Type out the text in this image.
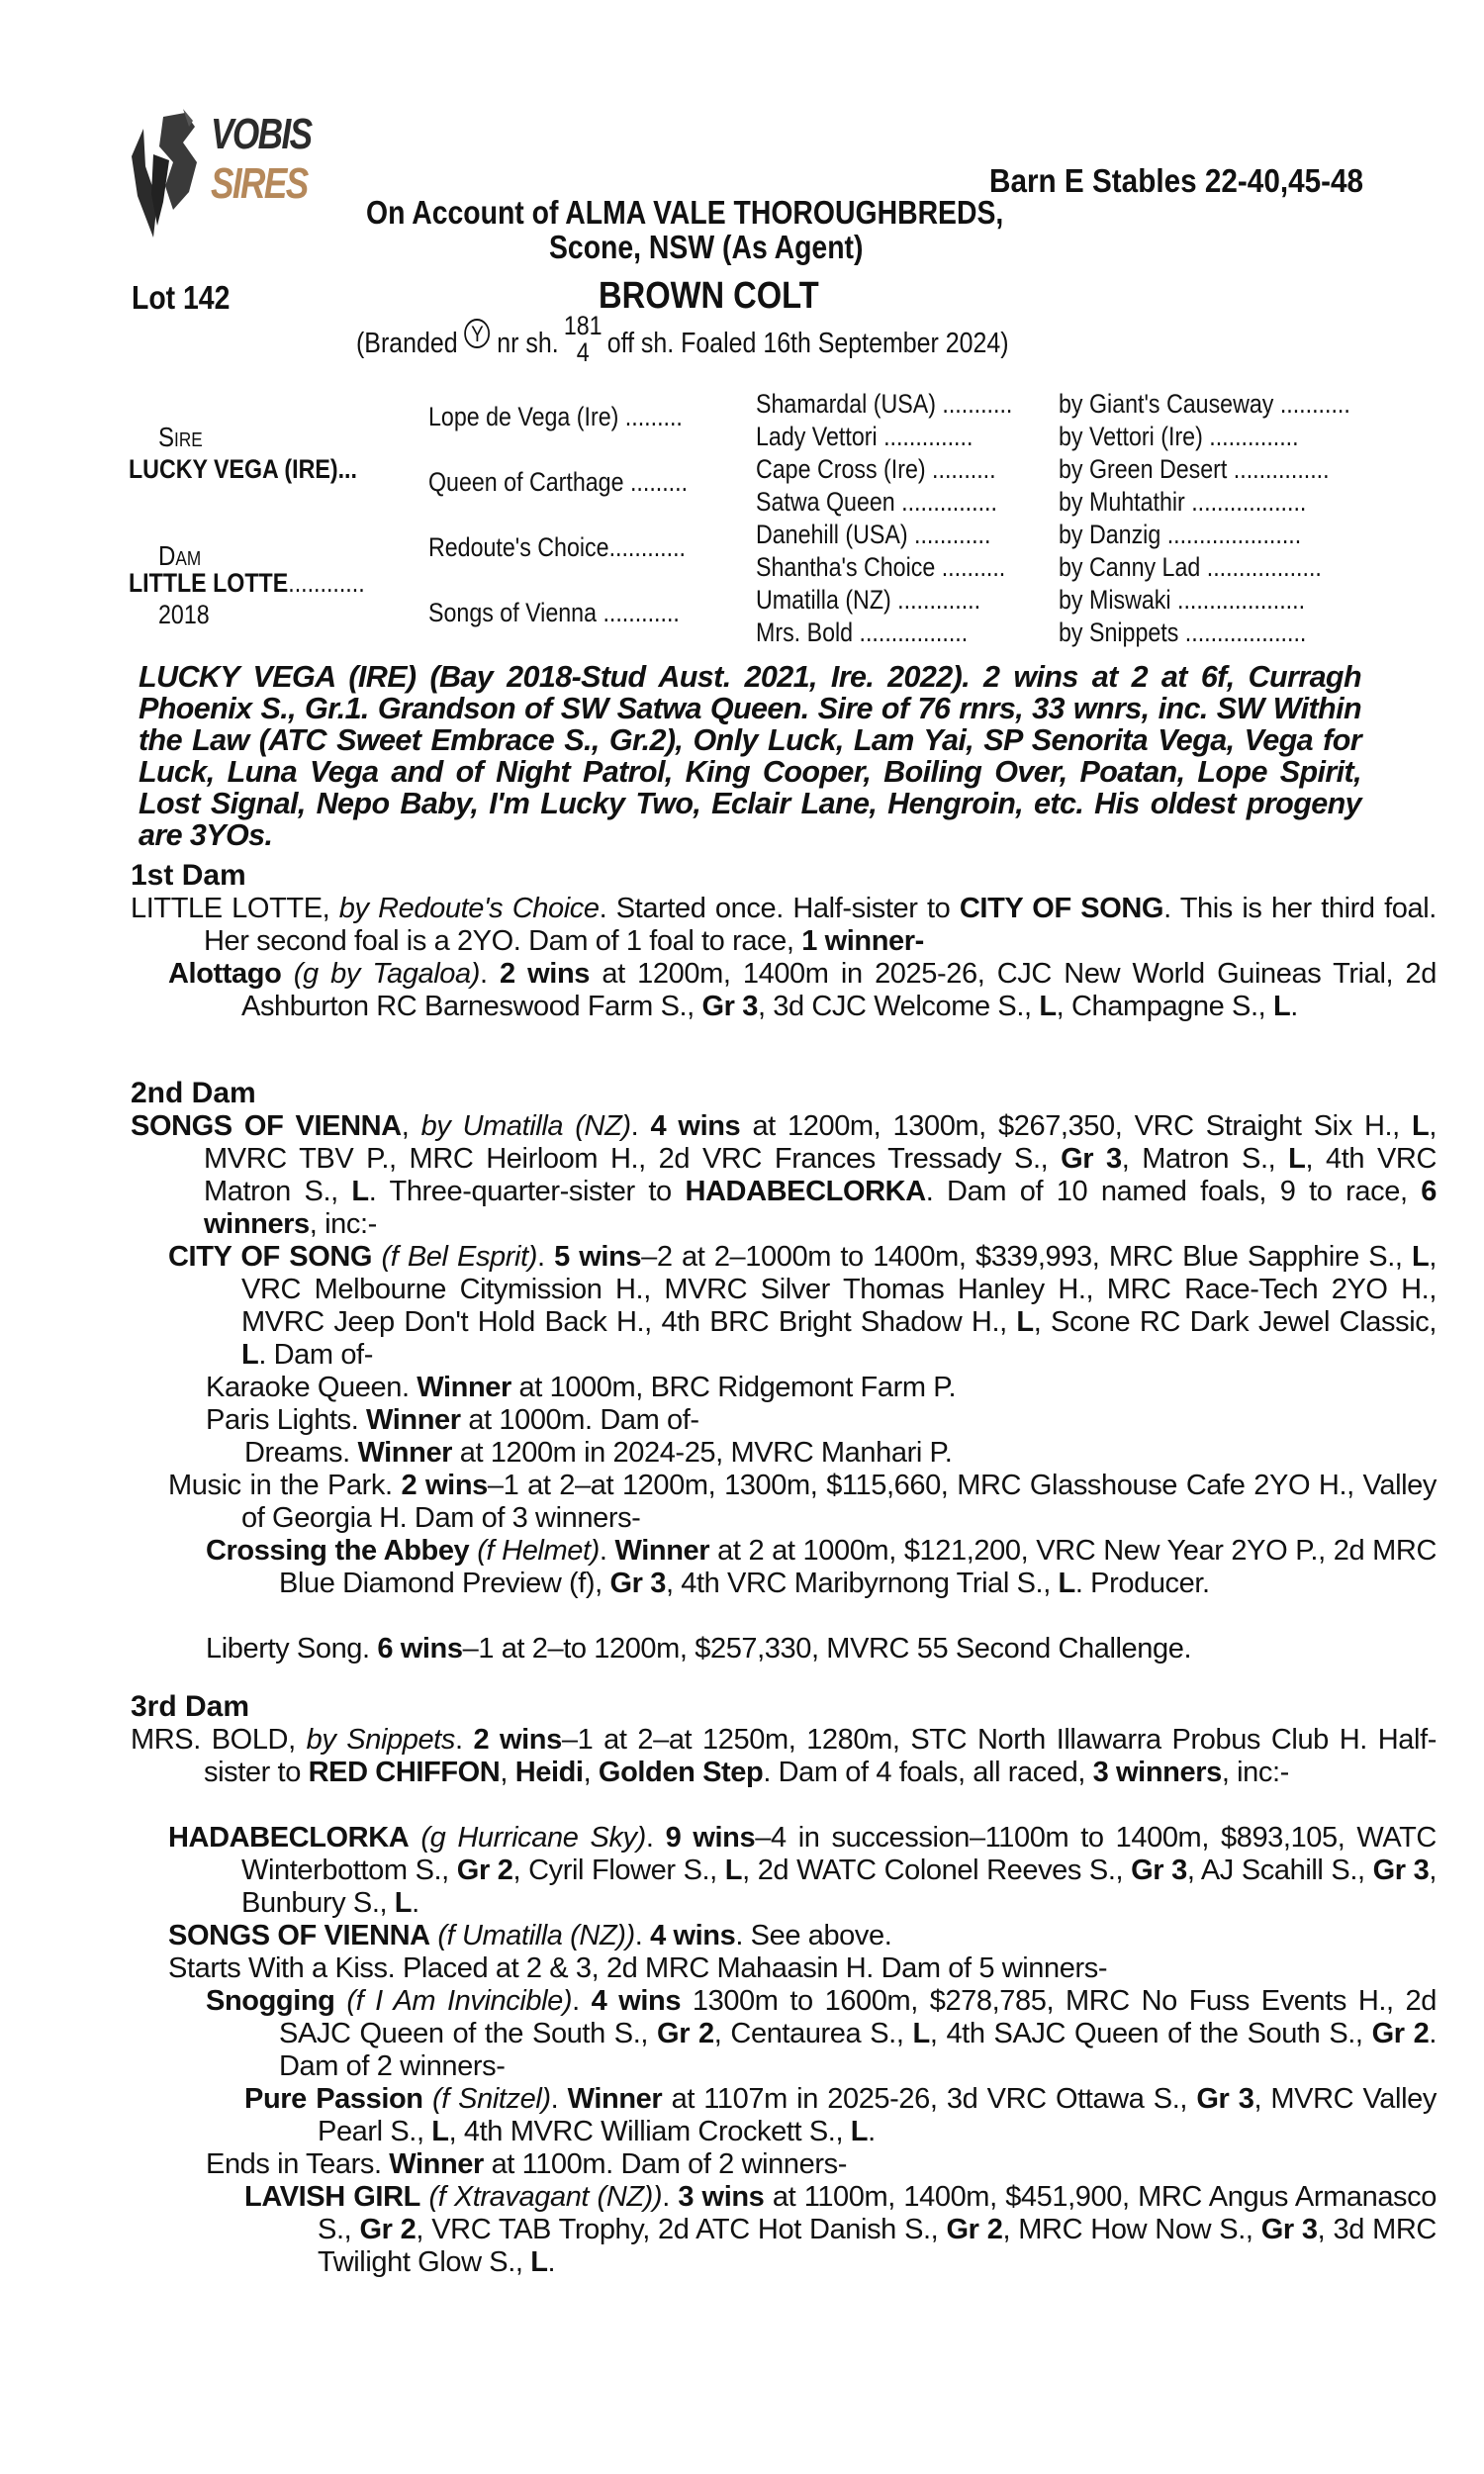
VOBIS
SIRES	Barn E Stables 22-40,45-48
On Account of ALMA VALE THOROUGHBREDS,
Scone, NSW (As Agent)
Lot 142	BROWN COLT
(Branded
Y
nr sh.
181
4 off sh. Foaled 16th September 2024)
Sire
LUCKY VEGA (IRE)...
Dam
LITTLE LOTTE............
2018
Lope de Vega (Ire) .........
Queen of Carthage .........
Redoute's Choice............
Songs of Vienna ............
Shamardal (USA) ........... by Giant's Causeway ...........
Lady Vettori ..............	by Vettori (Ire) ..............
Cape Cross (Ire) .......... by Green Desert ...............
Satwa Queen ............... by Muhtathir ..................
Danehill (USA) ............	by Danzig .....................
Shantha's Choice .......... by Canny Lad ..................
Umatilla (NZ) .............	by Miswaki ....................
Mrs. Bold .................	by Snippets ...................
LUCKY VEGA (IRE) (Bay 2018-Stud Aust. 2021, Ire. 2022). 2 wins at 2 at 6f, Curragh Phoenix S., Gr.1. Grandson of SW Satwa Queen. Sire of 76 rnrs, 33 wnrs, inc. SW Within the Law (ATC Sweet Embrace S., Gr.2), Only Luck, Lam Yai, SP Senorita Vega, Vega for Luck, Luna Vega and of Night Patrol, King Cooper, Boiling Over, Poatan, Lope Spirit, Lost Signal, Nepo Baby, I'm Lucky Two, Eclair Lane, Hengroin, etc. His oldest progeny are 3YOs.
1st Dam
LITTLE LOTTE, by Redoute's Choice. Started once. Half-sister to CITY OF SONG. This is her third foal. Her second foal is a 2YO. Dam of 1 foal to race, 1 winner-
Alottago (g by Tagaloa). 2 wins at 1200m, 1400m in 2025-26, CJC New World Guineas Trial, 2d Ashburton RC Barneswood Farm S., Gr 3, 3d CJC Welcome S., L, Champagne S., L.
2nd Dam
SONGS OF VIENNA, by Umatilla (NZ). 4 wins at 1200m, 1300m, $267,350, VRC Straight Six H., L, MVRC TBV P., MRC Heirloom H., 2d VRC Frances Tressady S., Gr 3, Matron S., L, 4th VRC Matron S., L. Three-quarter-sister to HADABECLORKA. Dam of 10 named foals, 9 to race, 6 winners, inc:-
CITY OF SONG (f Bel Esprit). 5 wins–2 at 2–1000m to 1400m, $339,993, MRC Blue Sapphire S., L, VRC Melbourne Citymission H., MVRC Silver Thomas Hanley H., MRC Race-Tech 2YO H., MVRC Jeep Don't Hold Back H., 4th BRC Bright Shadow H., L, Scone RC Dark Jewel Classic, L. Dam of-
Karaoke Queen. Winner at 1000m, BRC Ridgemont Farm P.
Paris Lights. Winner at 1000m. Dam of-
Dreams. Winner at 1200m in 2024-25, MVRC Manhari P.
Music in the Park. 2 wins–1 at 2–at 1200m, 1300m, $115,660, MRC Glasshouse Cafe 2YO H., Valley of Georgia H. Dam of 3 winners-
Crossing the Abbey (f Helmet). Winner at 2 at 1000m, $121,200, VRC New Year 2YO P., 2d MRC Blue Diamond Preview (f), Gr 3, 4th VRC Maribyrnong Trial S., L. Producer.
Liberty Song. 6 wins–1 at 2–to 1200m, $257,330, MVRC 55 Second Challenge.
3rd Dam
MRS. BOLD, by Snippets. 2 wins–1 at 2–at 1250m, 1280m, STC North Illawarra Probus Club H. Half-sister to RED CHIFFON, Heidi, Golden Step. Dam of 4 foals, all raced, 3 winners, inc:-
HADABECLORKA (g Hurricane Sky). 9 wins–4 in succession–1100m to 1400m, $893,105, WATC Winterbottom S., Gr 2, Cyril Flower S., L, 2d WATC Colonel Reeves S., Gr 3, AJ Scahill S., Gr 3, Bunbury S., L.
SONGS OF VIENNA (f Umatilla (NZ)). 4 wins. See above.
Starts With a Kiss. Placed at 2 & 3, 2d MRC Mahaasin H. Dam of 5 winners-
Snogging (f I Am Invincible). 4 wins 1300m to 1600m, $278,785, MRC No Fuss Events H., 2d SAJC Queen of the South S., Gr 2, Centaurea S., L, 4th SAJC Queen of the South S., Gr 2. Dam of 2 winners-
Pure Passion (f Snitzel). Winner at 1107m in 2025-26, 3d VRC Ottawa S., Gr 3, MVRC Valley Pearl S., L, 4th MVRC William Crockett S., L.
Ends in Tears. Winner at 1100m. Dam of 2 winners-
LAVISH GIRL (f Xtravagant (NZ)). 3 wins at 1100m, 1400m, $451,900, MRC Angus Armanasco S., Gr 2, VRC TAB Trophy, 2d ATC Hot Danish S., Gr 2, MRC How Now S., Gr 3, 3d MRC Twilight Glow S., L.
